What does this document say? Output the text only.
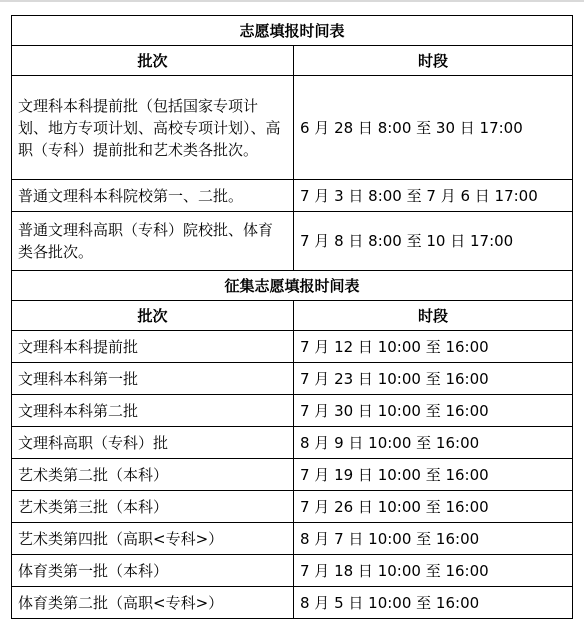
志愿填报时间表	
批次	时段
文理科本科提前批（包括国家专项计划、地方专项计划、高校专项计划）、高职（专科）提前批和艺术类各批次。	6 月 28 日 8:00 至 30 日 17:00
普通文理科本科院校第一、二批。	7 月 3 日 8:00 至 7 月 6 日 17:00
普通文理科高职（专科）院校批、体育类各批次。	7 月 8 日 8:00 至 10 日 17:00
征集志愿填报时间表	
批次	时段
文理科本科提前批	7 月 12 日 10:00 至 16:00
文理科本科第一批	7 月 23 日 10:00 至 16:00
文理科本科第二批	7 月 30 日 10:00 至 16:00
文理科高职（专科）批	8 月 9 日 10:00 至 16:00
艺术类第二批（本科）	7 月 19 日 10:00 至 16:00
艺术类第三批（本科）	7 月 26 日 10:00 至 16:00
艺术类第四批（高职<专科>）	8 月 7 日 10:00 至 16:00
体育类第一批（本科）	7 月 18 日 10:00 至 16:00
体育类第二批（高职<专科>）	8 月 5 日 10:00 至 16:00
